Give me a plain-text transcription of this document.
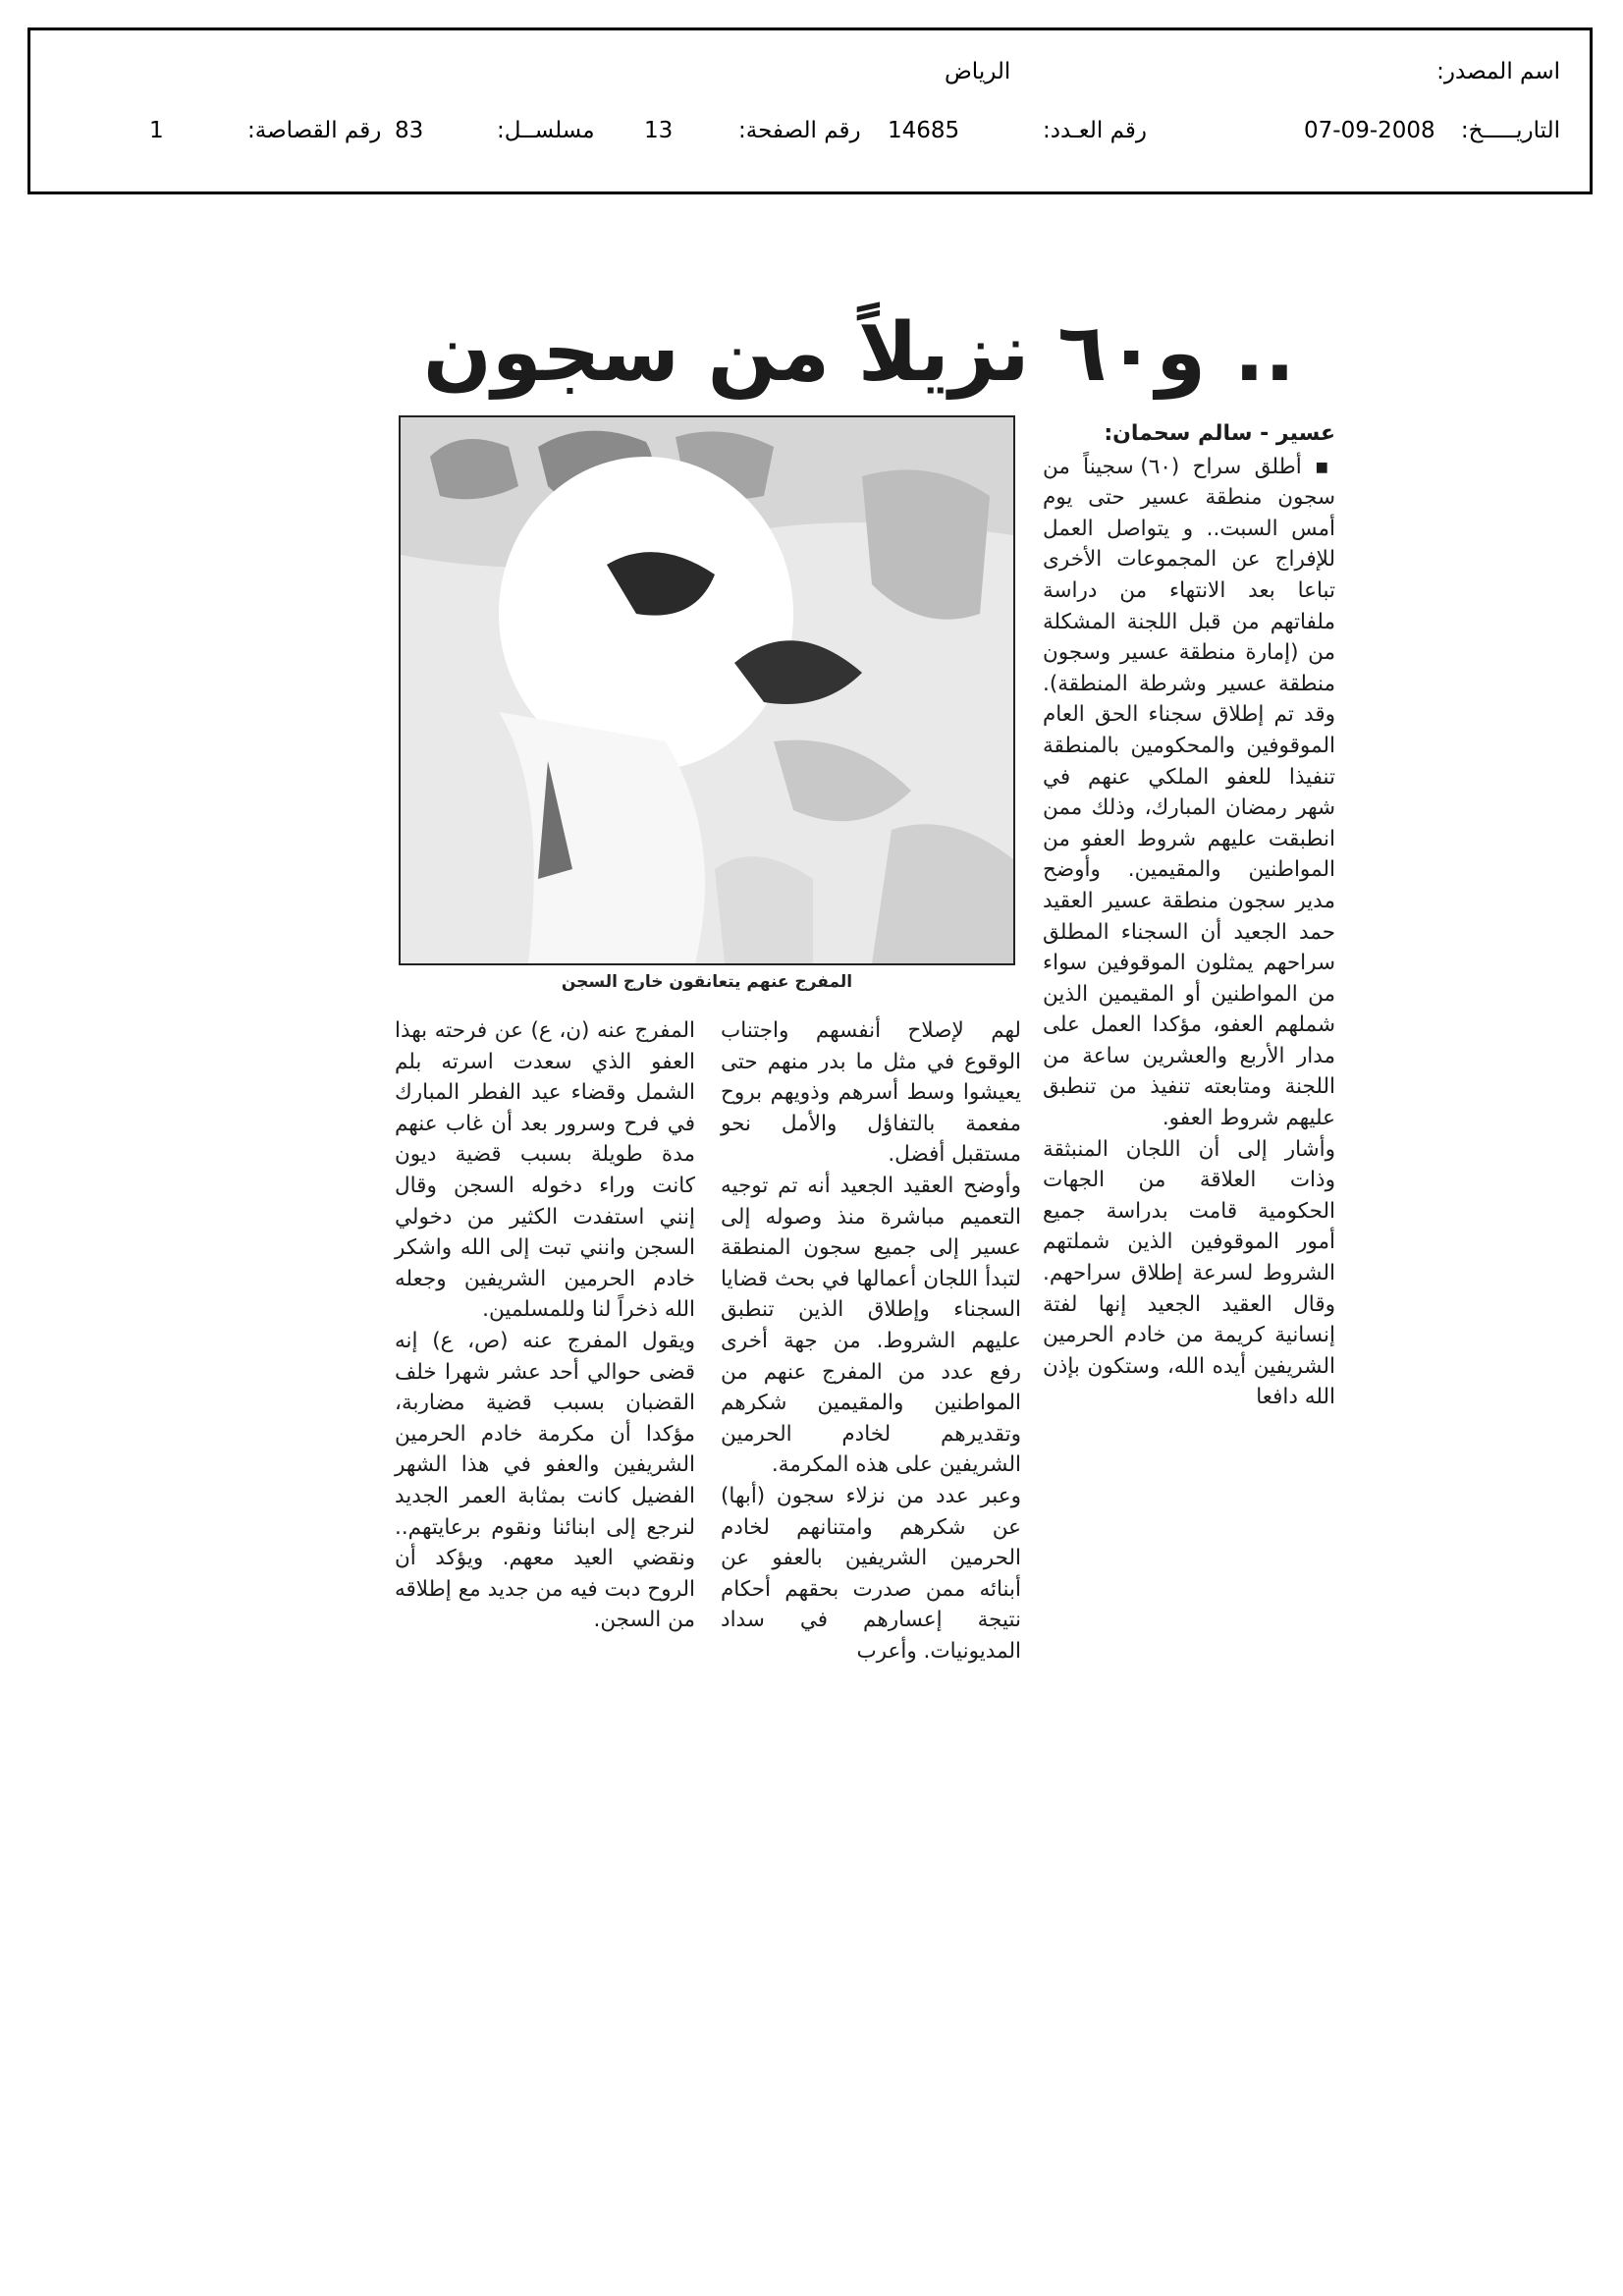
اسم المصدر:
الرياض
التاريـــــخ:
07-09-2008
رقم العـدد:
14685
رقم الصفحة:
13
مسلســل:
83
رقم القصاصة:
1
.. و٦٠ نزيلاً من سجون
المفرج عنهم يتعانقون خارج السجن
عسير - سالم سحمان:

▪ أطلق سراح (٦٠) سجيناً من سجون منطقة عسير حتى يوم أمس السبت.. و يتواصل العمل للإفراج عن المجموعات الأخرى تباعا بعد الانتهاء من دراسة ملفاتهم من قبل اللجنة المشكلة من (إمارة منطقة عسير وسجون منطقة عسير وشرطة المنطقة). وقد تم إطلاق سجناء الحق العام الموقوفين والمحكومين بالمنطقة تنفيذا للعفو الملكي عنهم في شهر رمضان المبارك، وذلك ممن انطبقت عليهم شروط العفو من المواطنين والمقيمين. وأوضح مدير سجون منطقة عسير العقيد حمد الجعيد أن السجناء المطلق سراحهم يمثلون الموقوفين سواء من المواطنين أو المقيمين الذين شملهم العفو، مؤكدا العمل على مدار الأربع والعشرين ساعة من اللجنة ومتابعته تنفيذ من تنطبق عليهم شروط العفو.

وأشار إلى أن اللجان المنبثقة وذات العلاقة من الجهات الحكومية قامت بدراسة جميع أمور الموقوفين الذين شملتهم الشروط لسرعة إطلاق سراحهم. وقال العقيد الجعيد إنها لفتة إنسانية كريمة من خادم الحرمين الشريفين أيده الله، وستكون بإذن الله دافعا

لهم لإصلاح أنفسهم واجتناب الوقوع في مثل ما بدر منهم حتى يعيشوا وسط أسرهم وذويهم بروح مفعمة بالتفاؤل والأمل نحو مستقبل أفضل.

وأوضح العقيد الجعيد أنه تم توجيه التعميم مباشرة منذ وصوله إلى عسير إلى جميع سجون المنطقة لتبدأ اللجان أعمالها في بحث قضايا السجناء وإطلاق الذين تنطبق عليهم الشروط. من جهة أخرى رفع عدد من المفرج عنهم من المواطنين والمقيمين شكرهم وتقديرهم لخادم الحرمين الشريفين على هذه المكرمة.

وعبر عدد من نزلاء سجون (أبها) عن شكرهم وامتنانهم لخادم الحرمين الشريفين بالعفو عن أبنائه ممن صدرت بحقهم أحكام نتيجة إعسارهم في سداد المديونيات. وأعرب

المفرج عنه (ن، ع) عن فرحته بهذا العفو الذي سعدت اسرته بلم الشمل وقضاء عيد الفطر المبارك في فرح وسرور بعد أن غاب عنهم مدة طويلة بسبب قضية ديون كانت وراء دخوله السجن وقال إنني استفدت الكثير من دخولي السجن وانني تبت إلى الله واشكر خادم الحرمين الشريفين وجعله الله ذخراً لنا وللمسلمين.

ويقول المفرج عنه (ص، ع) إنه قضى حوالي أحد عشر شهرا خلف القضبان بسبب قضية مضاربة، مؤكدا أن مكرمة خادم الحرمين الشريفين والعفو في هذا الشهر الفضيل كانت بمثابة العمر الجديد لنرجع إلى ابنائنا ونقوم برعايتهم.. ونقضي العيد معهم. ويؤكد أن الروح دبت فيه من جديد مع إطلاقه من السجن.
